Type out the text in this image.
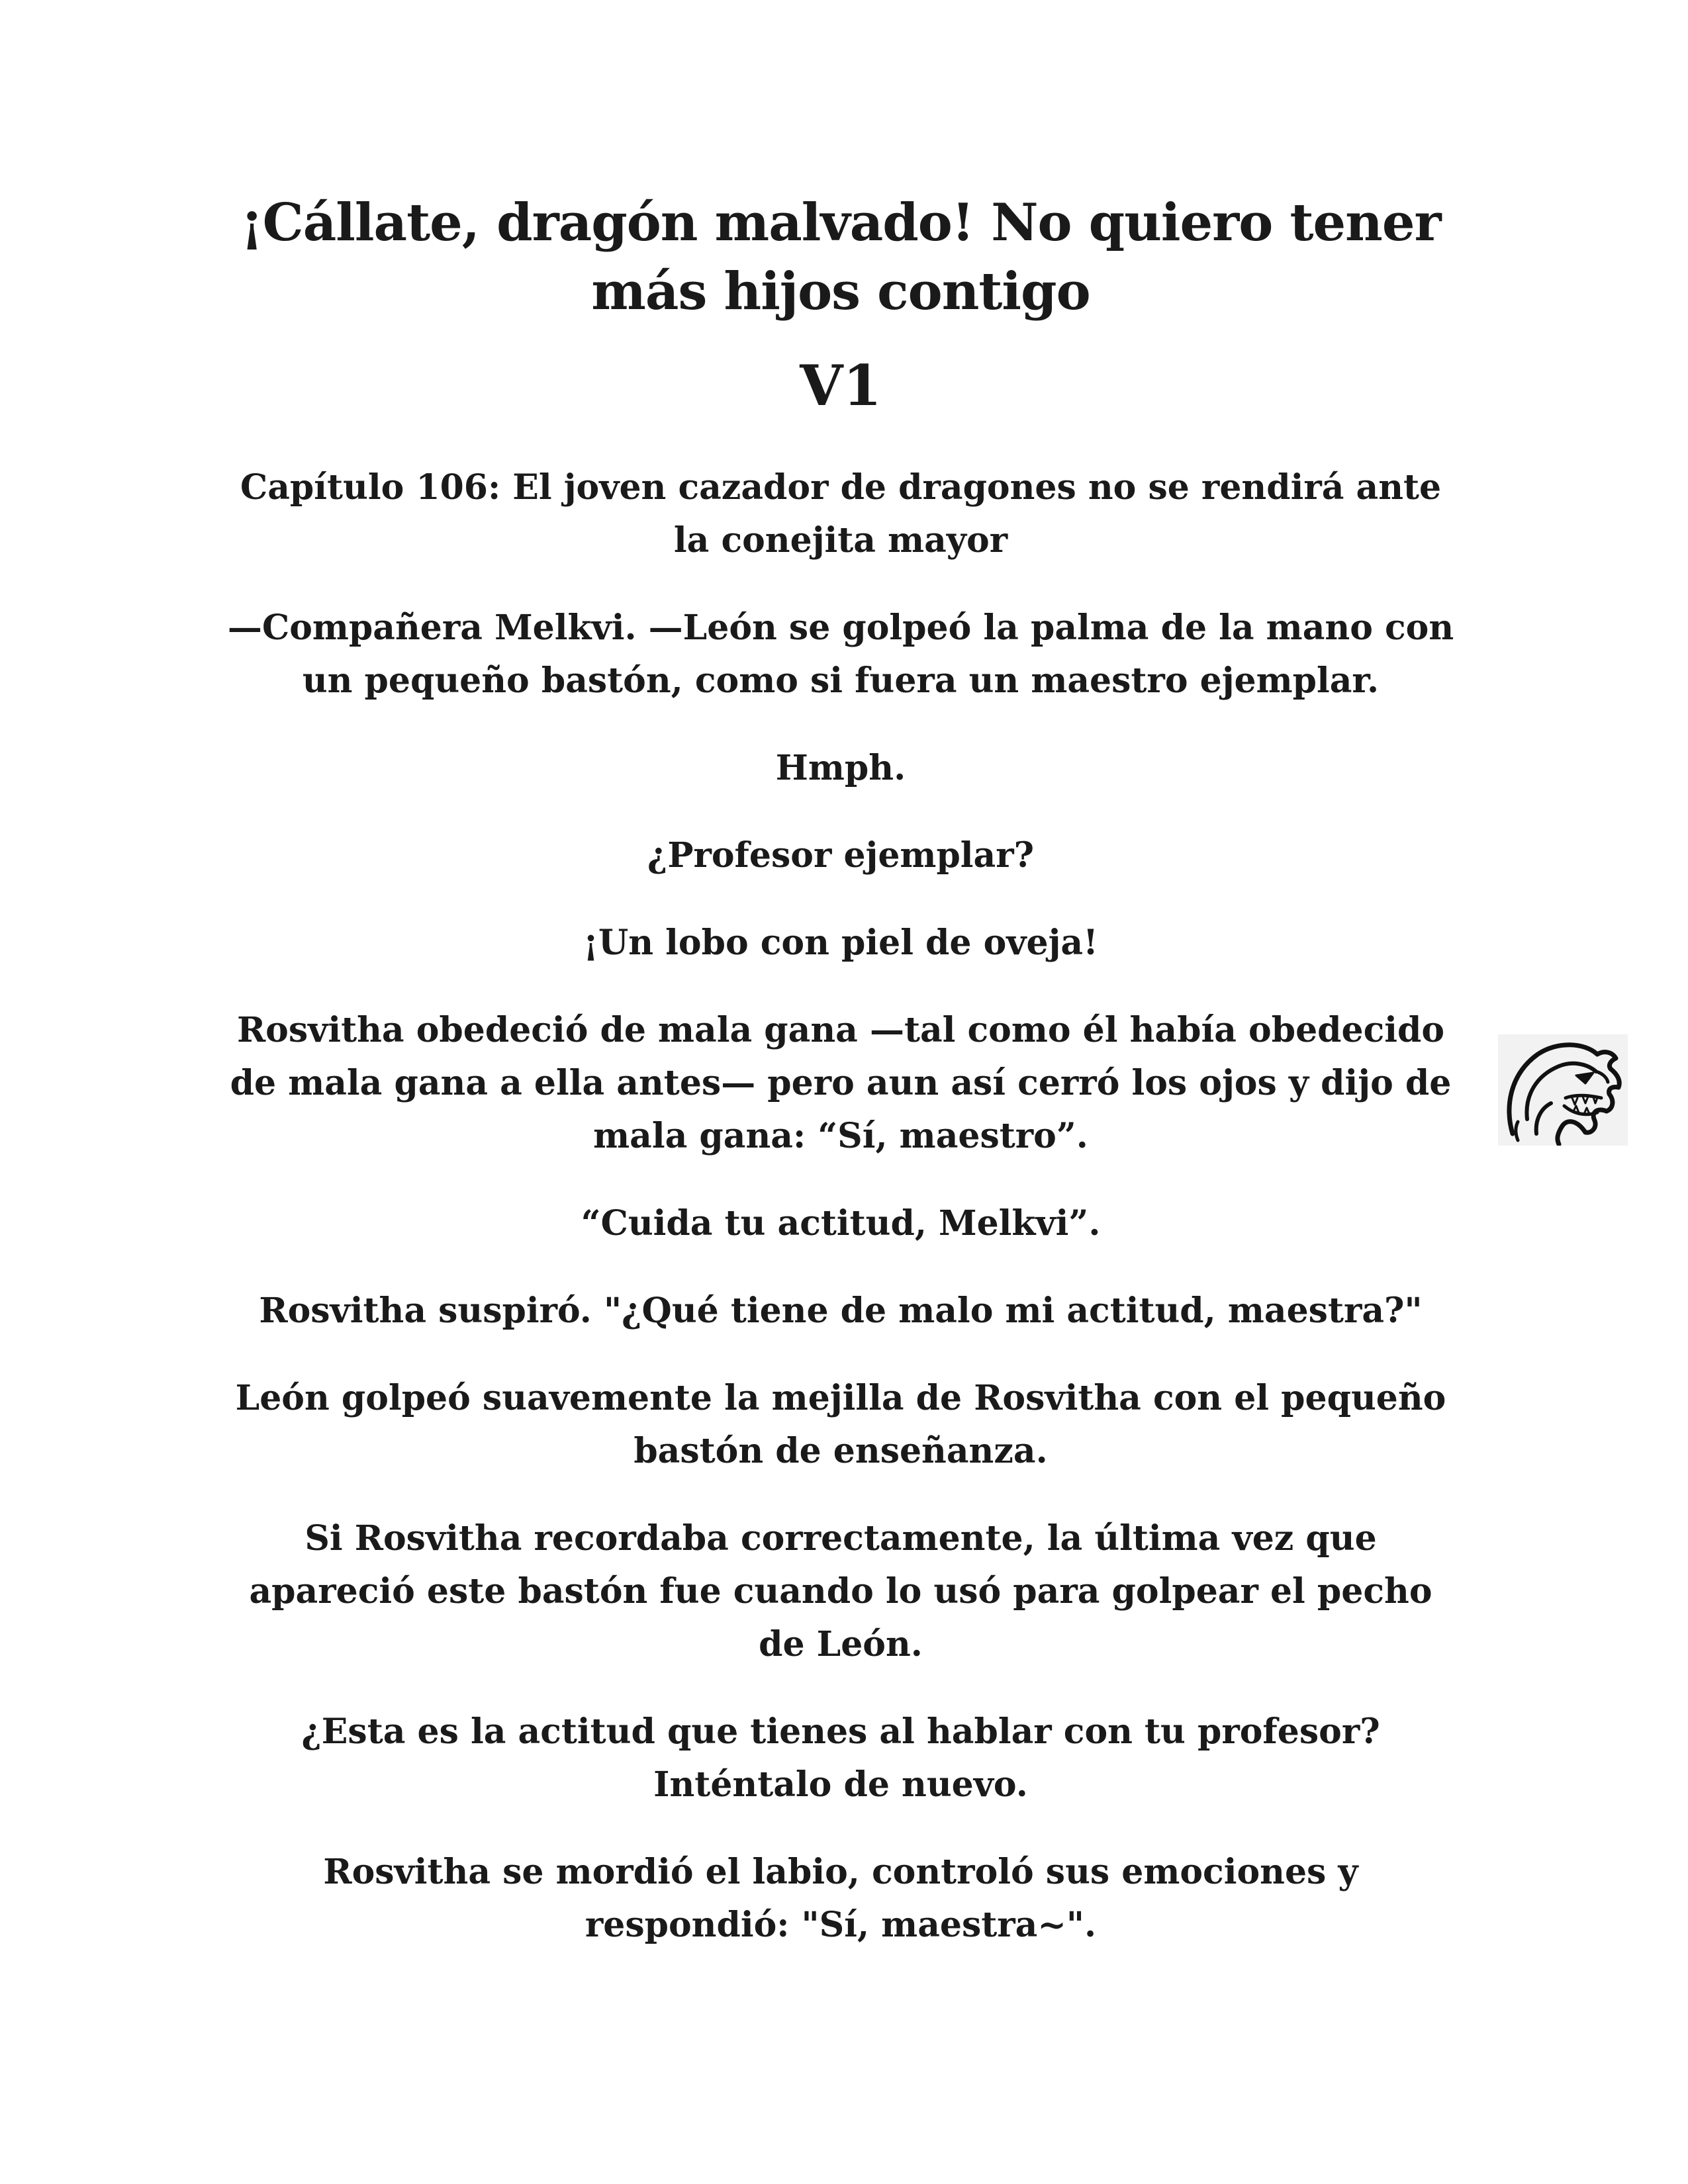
¡Cállate, dragón malvado! No quiero tener más hijos contigo
V1
Capítulo 106: El joven cazador de dragones no se rendirá ante la conejita mayor

—Compañera Melkvi. —León se golpeó la palma de la mano con un pequeño bastón, como si fuera un maestro ejemplar.

Hmph.

¿Profesor ejemplar?

¡Un lobo con piel de oveja!

Rosvitha obedeció de mala gana —tal como él había obedecido de mala gana a ella antes— pero aun así cerró los ojos y dijo de mala gana: “Sí, maestro”.

“Cuida tu actitud, Melkvi”.

Rosvitha suspiró. "¿Qué tiene de malo mi actitud, maestra?"

León golpeó suavemente la mejilla de Rosvitha con el pequeño bastón de enseñanza.

Si Rosvitha recordaba correctamente, la última vez que apareció este bastón fue cuando lo usó para golpear el pecho de León.

¿Esta es la actitud que tienes al hablar con tu profesor? Inténtalo de nuevo.

Rosvitha se mordió el labio, controló sus emociones y respondió: "Sí, maestra~".
